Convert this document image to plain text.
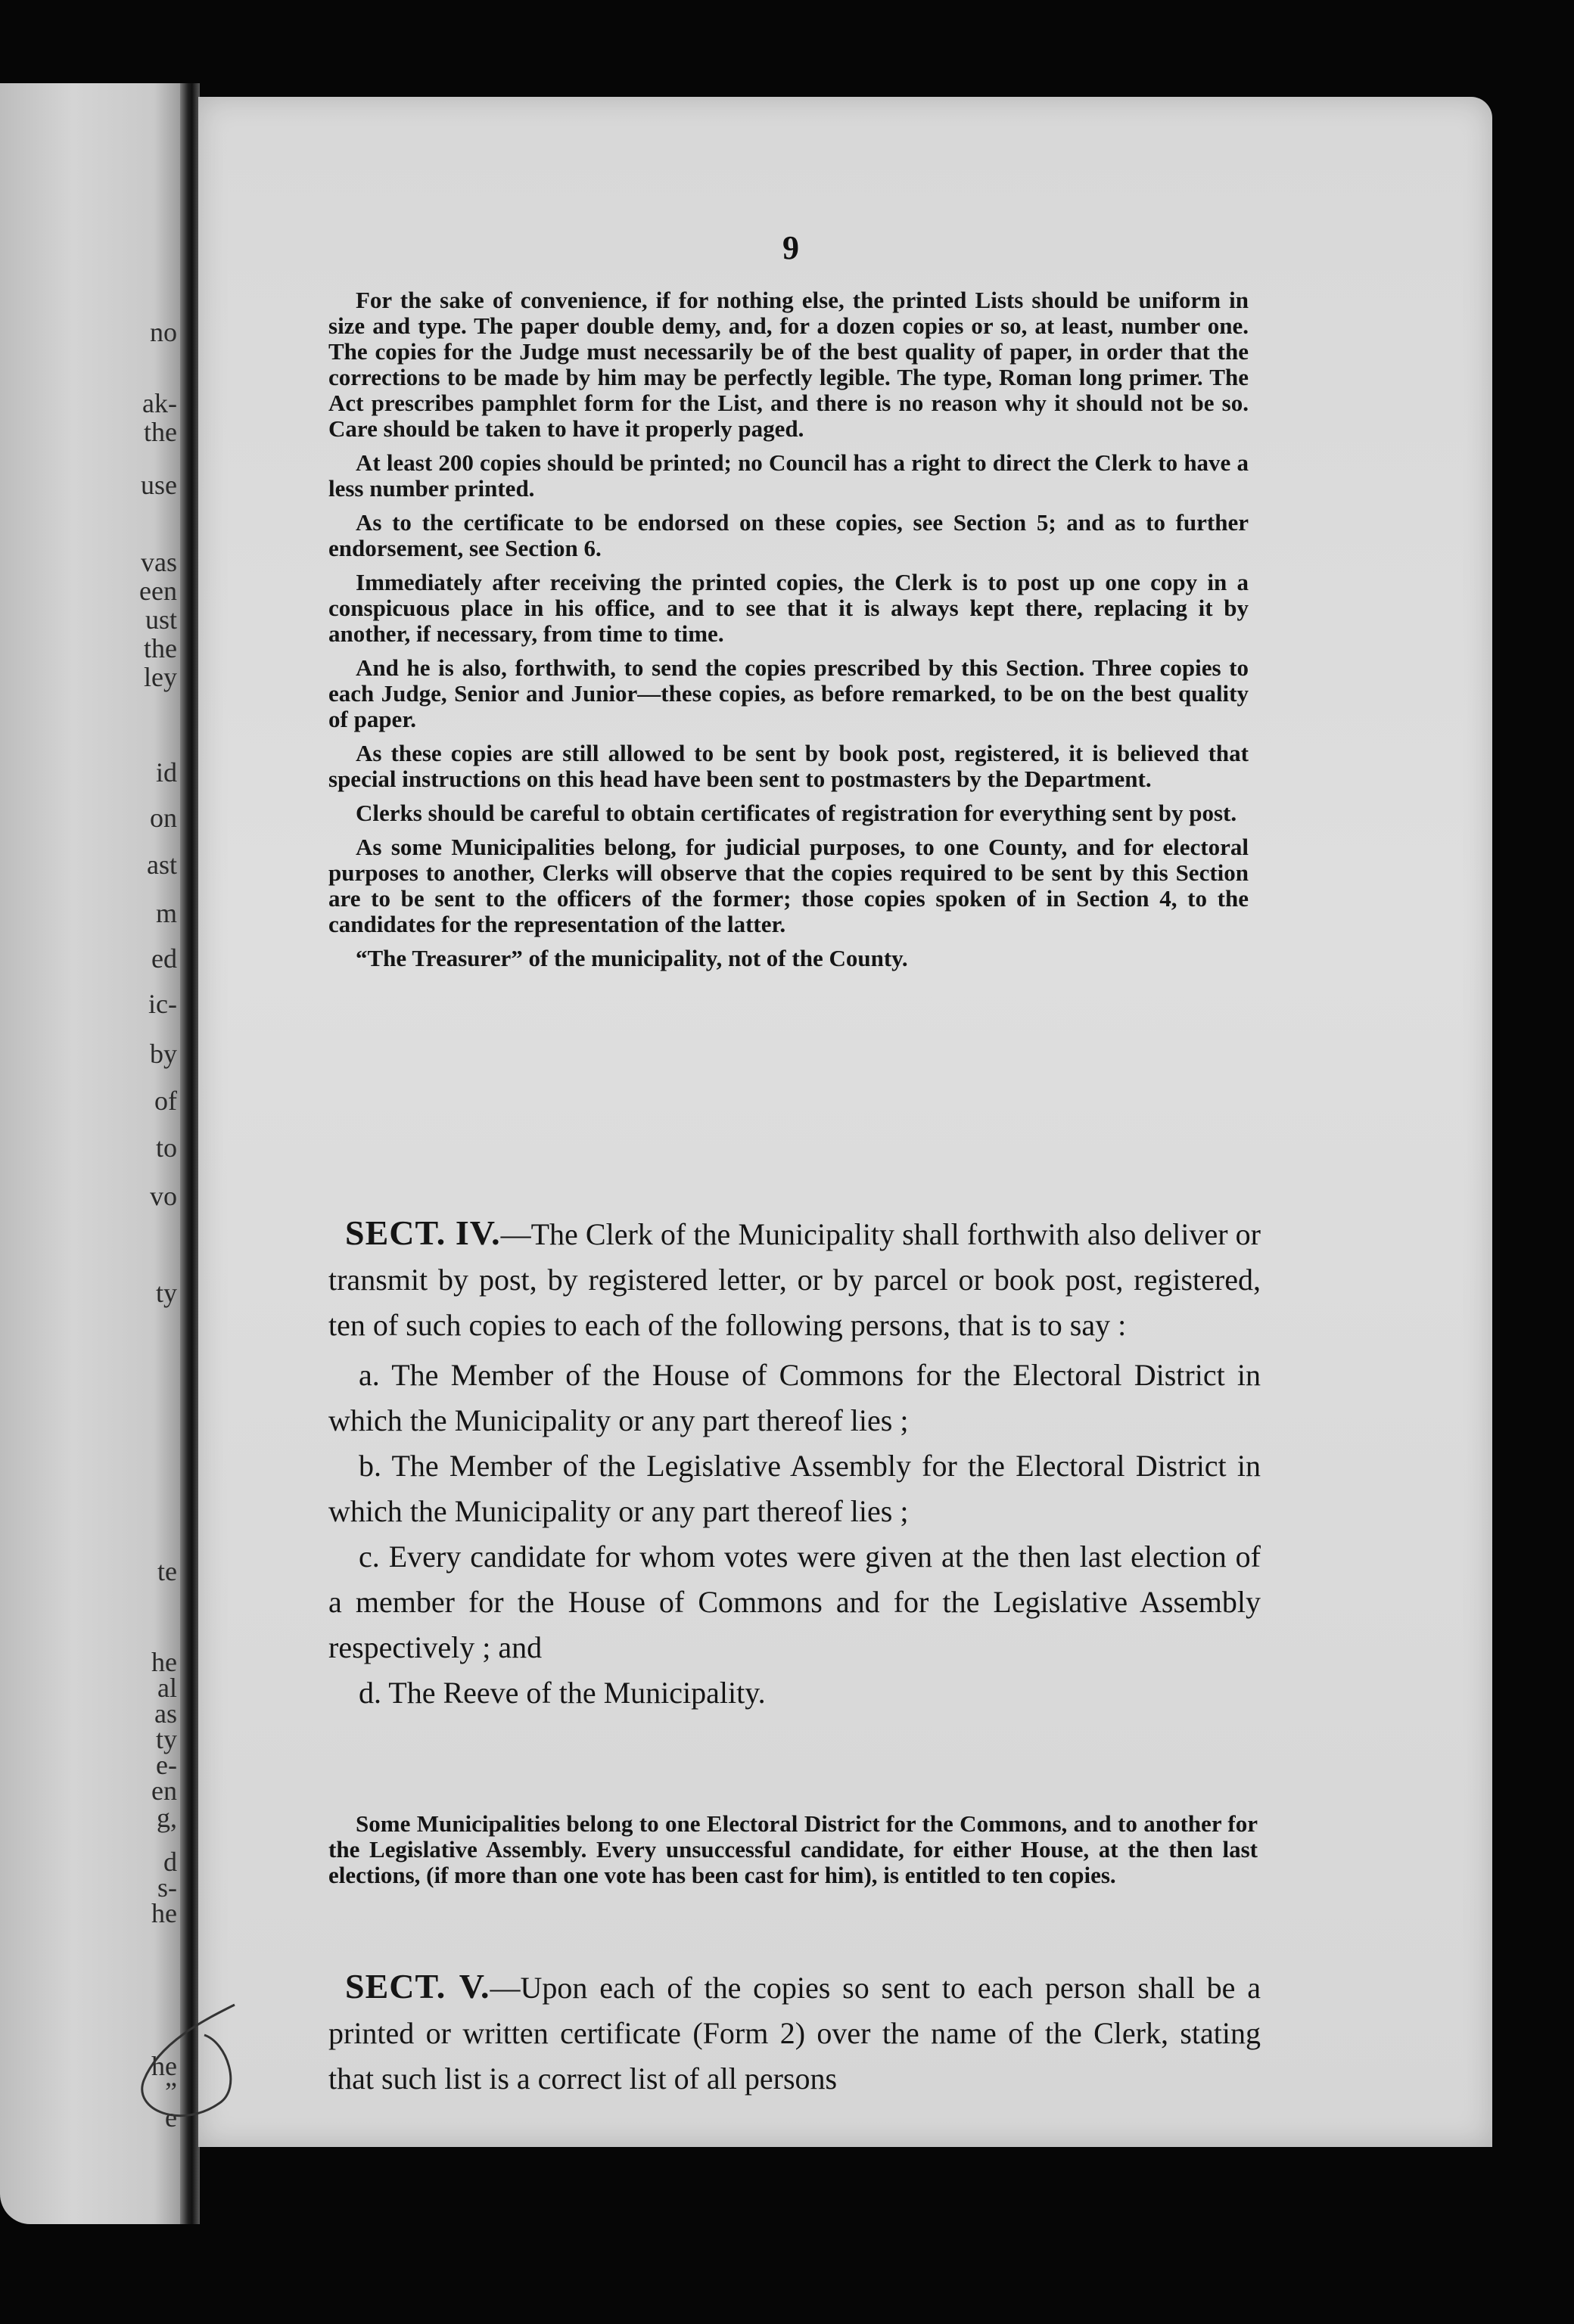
no
ak-
the
use
vas
een
ust
the
ley
id
on
ast
m
ed
ic-
by
of
to
vo
ty
te
he
al
as
ty
e-
en
g,
d
s-
he
he
”
e
9

For the sake of convenience, if for nothing else, the printed Lists should be uniform in size and type. The paper double demy, and, for a dozen copies or so, at least, number one. The copies for the Judge must necessarily be of the best quality of paper, in order that the corrections to be made by him may be perfectly legible. The type, Roman long primer. The Act prescribes pamphlet form for the List, and there is no reason why it should not be so. Care should be taken to have it properly paged.

At least 200 copies should be printed; no Council has a right to direct the Clerk to have a less number printed.

As to the certificate to be endorsed on these copies, see Section 5; and as to further endorsement, see Section 6.

Immediately after receiving the printed copies, the Clerk is to post up one copy in a conspicuous place in his office, and to see that it is always kept there, replacing it by another, if necessary, from time to time.

And he is also, forthwith, to send the copies prescribed by this Section. Three copies to each Judge, Senior and Junior—these copies, as before remarked, to be on the best quality of paper.

As these copies are still allowed to be sent by book post, registered, it is believed that special instructions on this head have been sent to postmasters by the Department.

Clerks should be careful to obtain certificates of registration for everything sent by post.

As some Municipalities belong, for judicial purposes, to one County, and for electoral purposes to another, Clerks will observe that the copies required to be sent by this Section are to be sent to the officers of the former; those copies spoken of in Section 4, to the candidates for the representation of the latter.

“The Treasurer” of the municipality, not of the County.

SECT. IV.—The Clerk of the Municipality shall forthwith also deliver or transmit by post, by registered letter, or by parcel or book post, registered, ten of such copies to each of the following persons, that is to say :

a. The Member of the House of Commons for the Electoral District in which the Municipality or any part thereof lies ;

b. The Member of the Legislative Assembly for the Electoral District in which the Municipality or any part thereof lies ;

c. Every candidate for whom votes were given at the then last election of a member for the House of Commons and for the Legislative Assembly respectively ; and

d. The Reeve of the Municipality.

Some Municipalities belong to one Electoral District for the Commons, and to another for the Legislative Assembly. Every unsuccessful candidate, for either House, at the then last elections, (if more than one vote has been cast for him), is entitled to ten copies.

SECT. V.—Upon each of the copies so sent to each person shall be a printed or written certificate (Form 2) over the name of the Clerk, stating that such list is a correct list of all persons
